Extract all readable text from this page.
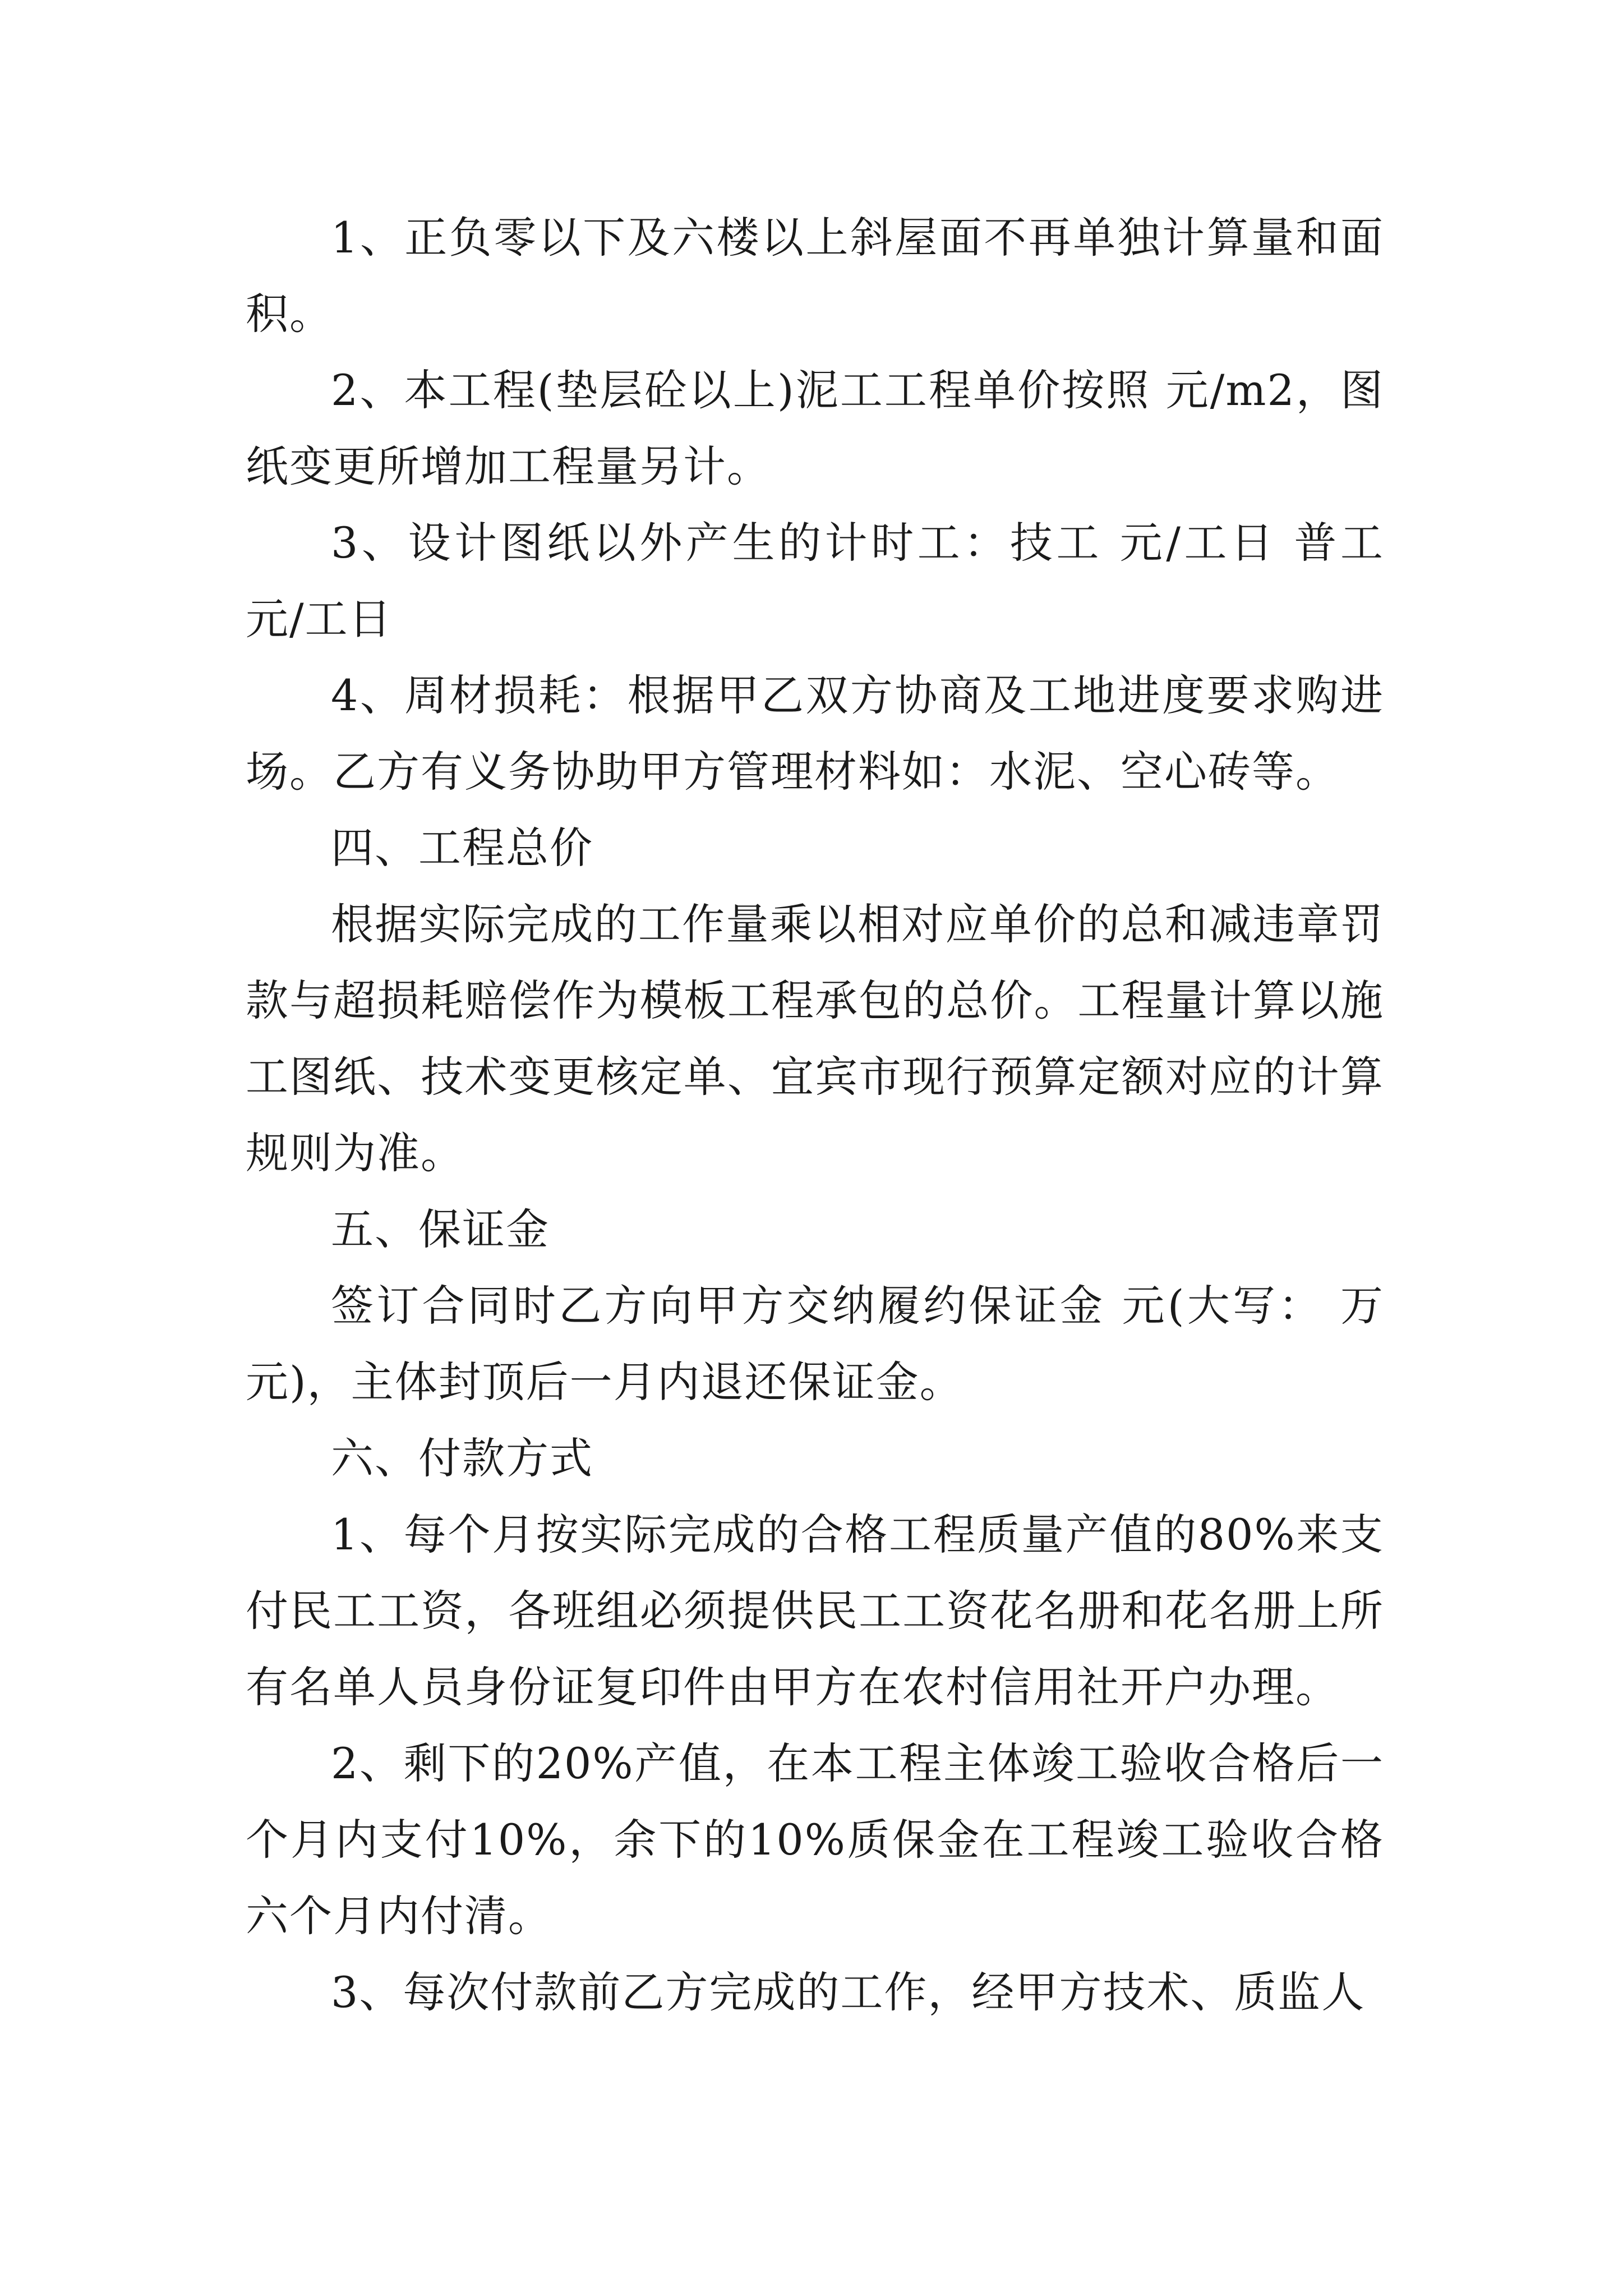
1、正负零以下及六楼以上斜屋面不再单独计算量和面积。

2、本工程(垫层砼以上)泥工工程单价按照 元/m2，图纸变更所增加工程量另计。

3、设计图纸以外产生的计时工：技工 元/工日 普工 元/工日

4、周材损耗：根据甲乙双方协商及工地进度要求购进场。乙方有义务协助甲方管理材料如：水泥、空心砖等。

四、工程总价

根据实际完成的工作量乘以相对应单价的总和减违章罚款与超损耗赔偿作为模板工程承包的总价。工程量计算以施工图纸、技术变更核定单、宜宾市现行预算定额对应的计算规则为准。

五、保证金

签订合同时乙方向甲方交纳履约保证金 元(大写： 万元)，主体封顶后一月内退还保证金。

六、付款方式

1、每个月按实际完成的合格工程质量产值的80%来支付民工工资，各班组必须提供民工工资花名册和花名册上所有名单人员身份证复印件由甲方在农村信用社开户办理。

2、剩下的20%产值，在本工程主体竣工验收合格后一个月内支付10%，余下的10%质保金在工程竣工验收合格六个月内付清。

3、每次付款前乙方完成的工作，经甲方技术、质监人
